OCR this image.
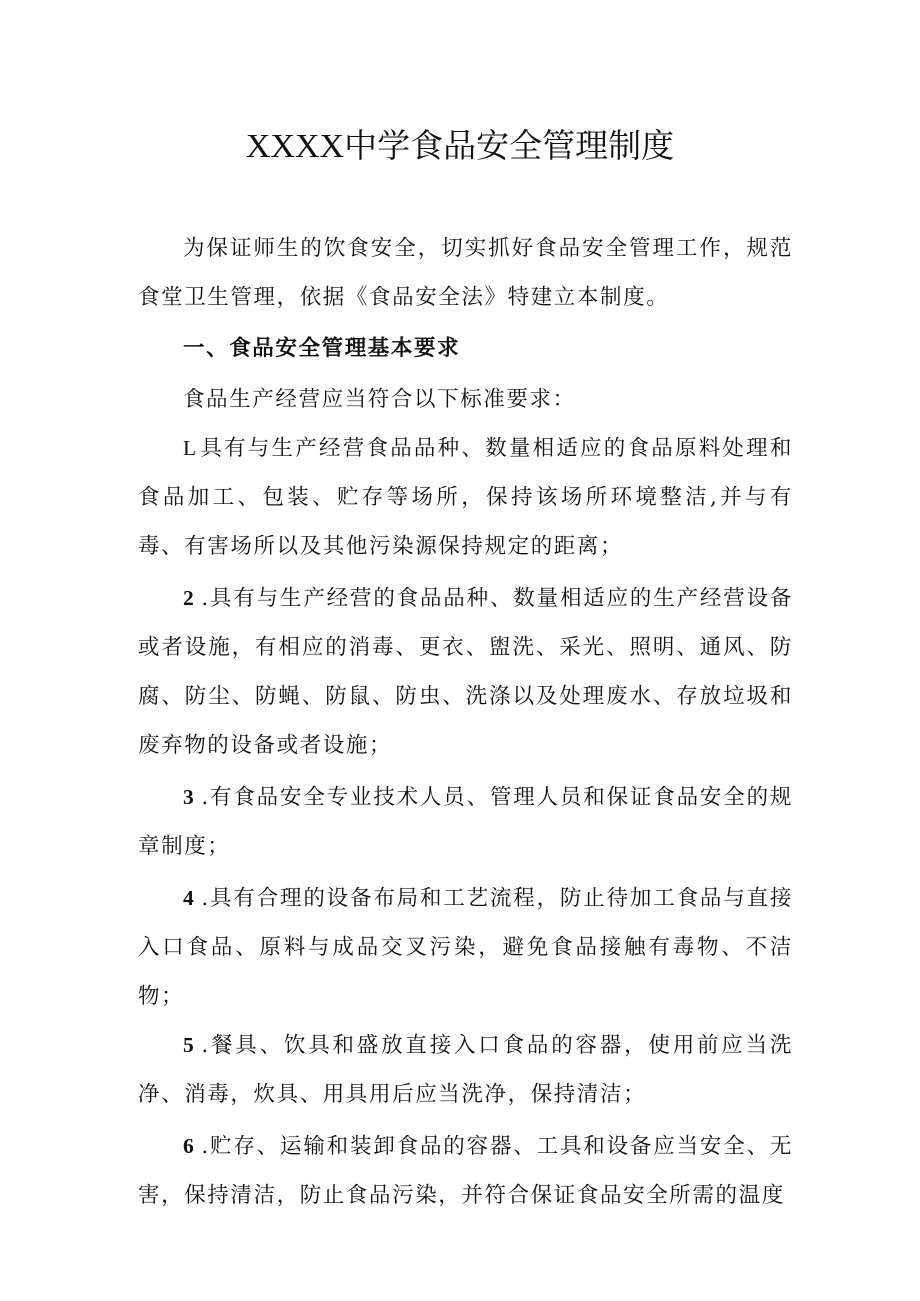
XXXX中学食品安全管理制度

为保证师生的饮食安全，切实抓好食品安全管理工作，规范食堂卫生管理，依据《食品安全法》特建立本制度。

一、食品安全管理基本要求

食品生产经营应当符合以下标准要求：

L具有与生产经营食品品种、数量相适应的食品原料处理和食品加工、包装、贮存等场所，保持该场所环境整洁,并与有毒、有害场所以及其他污染源保持规定的距离；

2 .具有与生产经营的食品品种、数量相适应的生产经营设备或者设施，有相应的消毒、更衣、盥洗、采光、照明、通风、防腐、防尘、防蝇、防鼠、防虫、洗涤以及处理废水、存放垃圾和废弃物的设备或者设施；

3 .有食品安全专业技术人员、管理人员和保证食品安全的规章制度；

4 .具有合理的设备布局和工艺流程，防止待加工食品与直接入口食品、原料与成品交叉污染，避免食品接触有毒物、不洁物；

5 .餐具、饮具和盛放直接入口食品的容器，使用前应当洗净、消毒，炊具、用具用后应当洗净，保持清洁；

6 .贮存、运输和装卸食品的容器、工具和设备应当安全、无害，保持清洁，防止食品污染，并符合保证食品安全所需的温度
